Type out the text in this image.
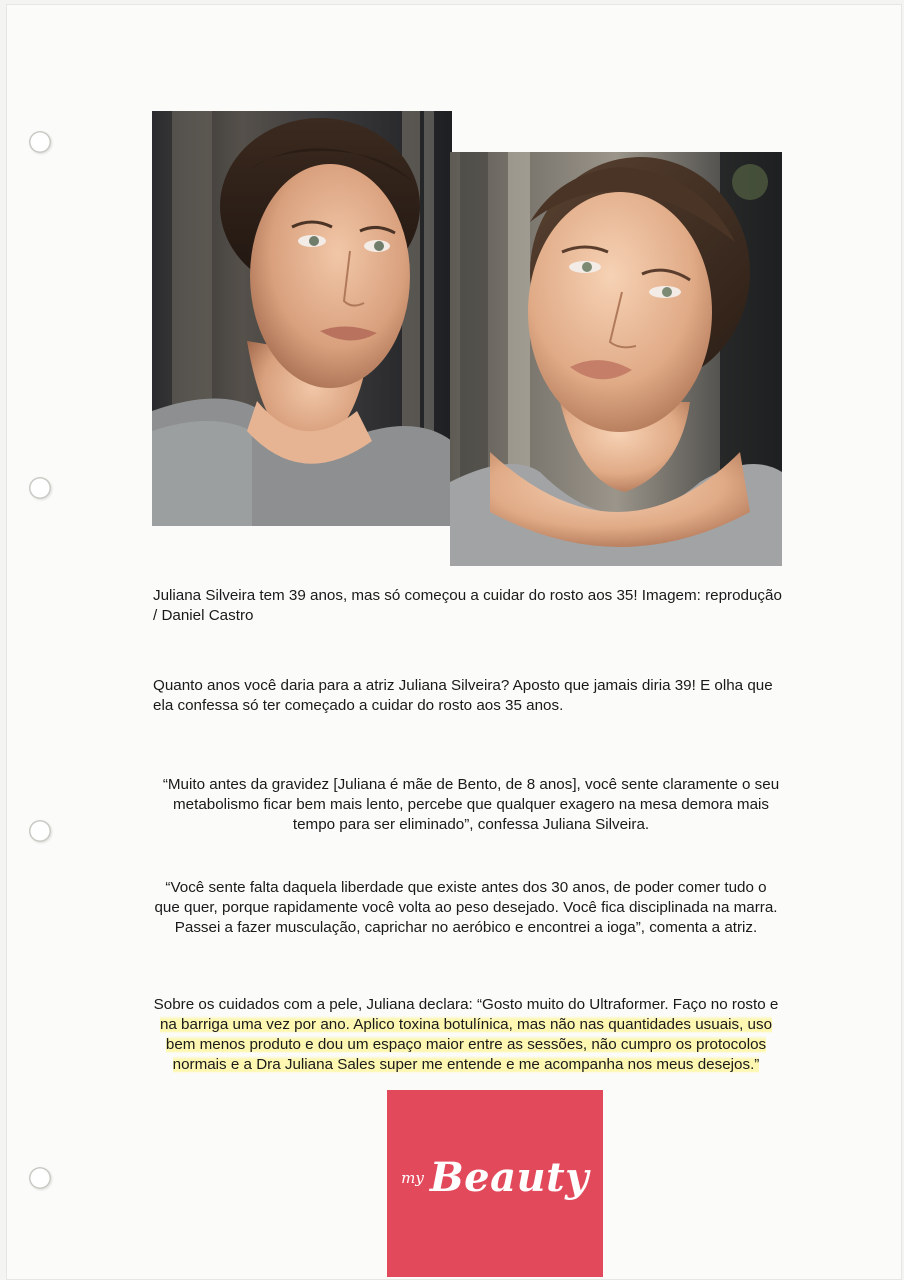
Juliana Silveira tem 39 anos, mas só começou a cuidar do rosto aos 35! Imagem: reprodução
/ Daniel Castro
Quanto anos você daria para a atriz Juliana Silveira? Aposto que jamais diria 39! E olha que
ela confessa só ter começado a cuidar do rosto aos 35 anos.
“Muito antes da gravidez [Juliana é mãe de Bento, de 8 anos], você sente claramente o seu
metabolismo ficar bem mais lento, percebe que qualquer exagero na mesa demora mais
tempo para ser eliminado”, confessa Juliana Silveira.
“Você sente falta daquela liberdade que existe antes dos 30 anos, de poder comer tudo o
que quer, porque rapidamente você volta ao peso desejado. Você fica disciplinada na marra.
Passei a fazer musculação, caprichar no aeróbico e encontrei a ioga”, comenta a atriz.
Sobre os cuidados com a pele, Juliana declara: “Gosto muito do Ultraformer. Faço no rosto e
na barriga uma vez por ano. Aplico toxina botulínica, mas não nas quantidades usuais, uso
bem menos produto e dou um espaço maior entre as sessões, não cumpro os protocolos
normais e a Dra Juliana Sales super me entende e me acompanha nos meus desejos.”
my Beauty
